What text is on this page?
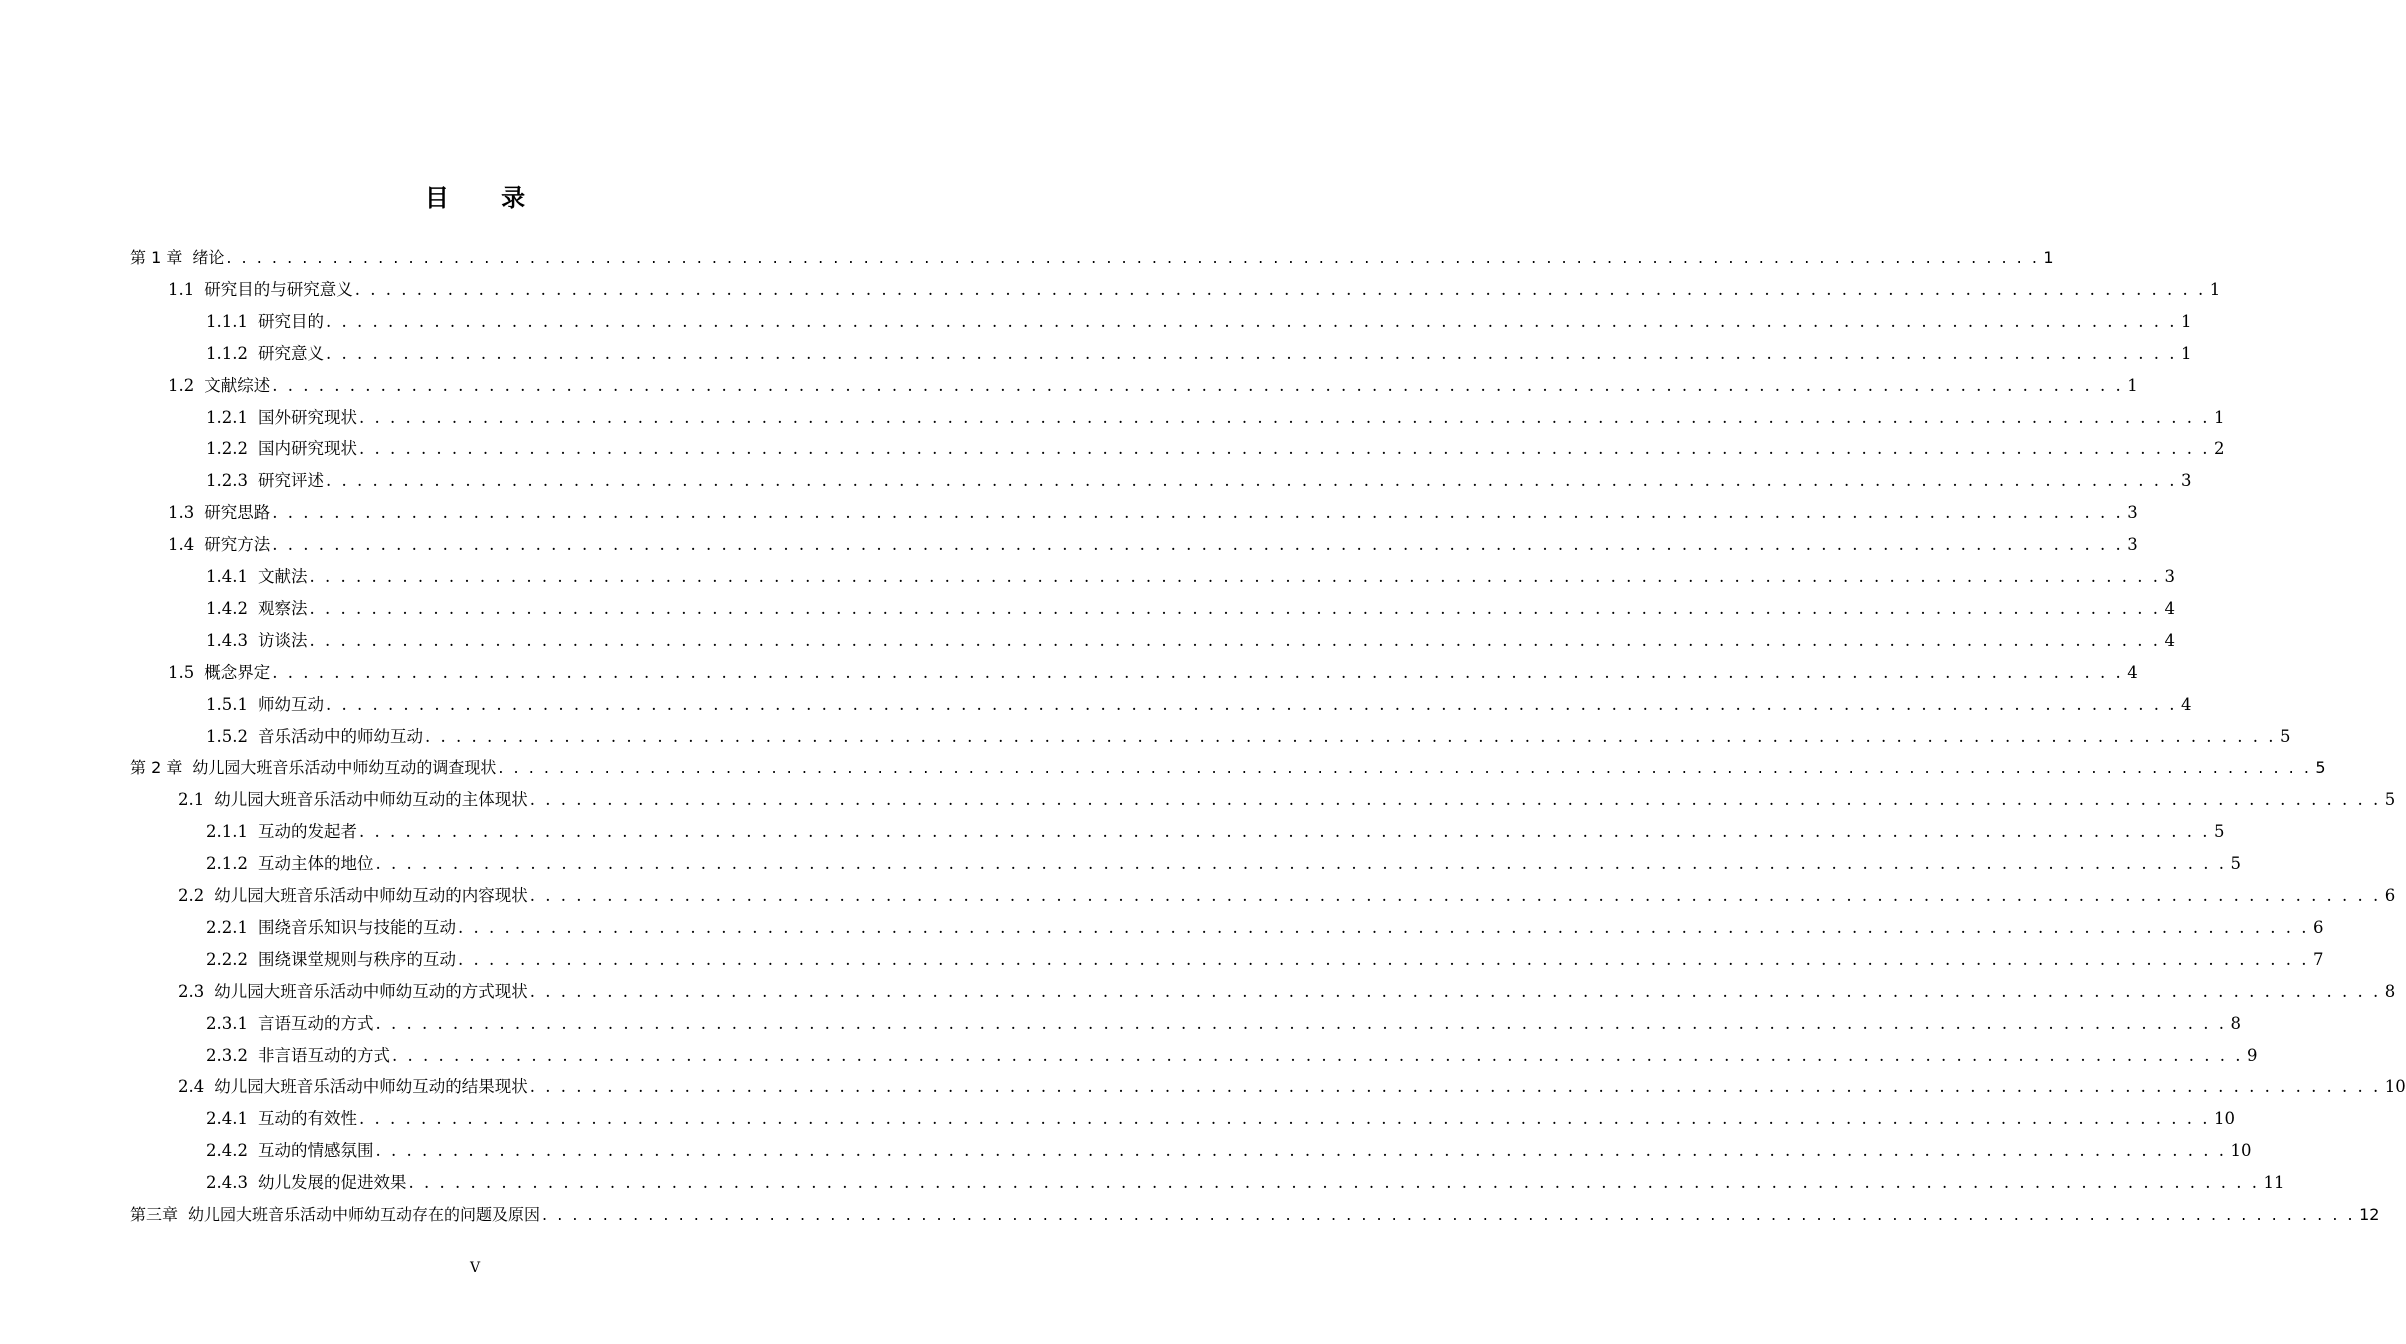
目 录
第 1 章 绪论 . . . . . . . . . . . . . . . . . . . . . . . . . . . . . . . . . . . . . . . . . . . . . . . . . . . . . . . . . . . . . . . . . . . . . . . . . . . . . . . . . . . . . . . . . . . . . . . . . . . . . . . . . . . . . . . . . . . . . . . . 1
1.1 研究目的与研究意义 . . . . . . . . . . . . . . . . . . . . . . . . . . . . . . . . . . . . . . . . . . . . . . . . . . . . . . . . . . . . . . . . . . . . . . . . . . . . . . . . . . . . . . . . . . . . . . . . . . . . . . . . . . . . . . . . . . . . . . . . 1
1.1.1 研究目的 . . . . . . . . . . . . . . . . . . . . . . . . . . . . . . . . . . . . . . . . . . . . . . . . . . . . . . . . . . . . . . . . . . . . . . . . . . . . . . . . . . . . . . . . . . . . . . . . . . . . . . . . . . . . . . . . . . . . . . . . 1
1.1.2 研究意义 . . . . . . . . . . . . . . . . . . . . . . . . . . . . . . . . . . . . . . . . . . . . . . . . . . . . . . . . . . . . . . . . . . . . . . . . . . . . . . . . . . . . . . . . . . . . . . . . . . . . . . . . . . . . . . . . . . . . . . . . 1
1.2 文献综述 . . . . . . . . . . . . . . . . . . . . . . . . . . . . . . . . . . . . . . . . . . . . . . . . . . . . . . . . . . . . . . . . . . . . . . . . . . . . . . . . . . . . . . . . . . . . . . . . . . . . . . . . . . . . . . . . . . . . . . . . 1
1.2.1 国外研究现状 . . . . . . . . . . . . . . . . . . . . . . . . . . . . . . . . . . . . . . . . . . . . . . . . . . . . . . . . . . . . . . . . . . . . . . . . . . . . . . . . . . . . . . . . . . . . . . . . . . . . . . . . . . . . . . . . . . . . . . . . 1
1.2.2 国内研究现状 . . . . . . . . . . . . . . . . . . . . . . . . . . . . . . . . . . . . . . . . . . . . . . . . . . . . . . . . . . . . . . . . . . . . . . . . . . . . . . . . . . . . . . . . . . . . . . . . . . . . . . . . . . . . . . . . . . . . . . . . 2
1.2.3 研究评述 . . . . . . . . . . . . . . . . . . . . . . . . . . . . . . . . . . . . . . . . . . . . . . . . . . . . . . . . . . . . . . . . . . . . . . . . . . . . . . . . . . . . . . . . . . . . . . . . . . . . . . . . . . . . . . . . . . . . . . . . 3
1.3 研究思路 . . . . . . . . . . . . . . . . . . . . . . . . . . . . . . . . . . . . . . . . . . . . . . . . . . . . . . . . . . . . . . . . . . . . . . . . . . . . . . . . . . . . . . . . . . . . . . . . . . . . . . . . . . . . . . . . . . . . . . . . 3
1.4 研究方法 . . . . . . . . . . . . . . . . . . . . . . . . . . . . . . . . . . . . . . . . . . . . . . . . . . . . . . . . . . . . . . . . . . . . . . . . . . . . . . . . . . . . . . . . . . . . . . . . . . . . . . . . . . . . . . . . . . . . . . . . 3
1.4.1 文献法 . . . . . . . . . . . . . . . . . . . . . . . . . . . . . . . . . . . . . . . . . . . . . . . . . . . . . . . . . . . . . . . . . . . . . . . . . . . . . . . . . . . . . . . . . . . . . . . . . . . . . . . . . . . . . . . . . . . . . . . . 3
1.4.2 观察法 . . . . . . . . . . . . . . . . . . . . . . . . . . . . . . . . . . . . . . . . . . . . . . . . . . . . . . . . . . . . . . . . . . . . . . . . . . . . . . . . . . . . . . . . . . . . . . . . . . . . . . . . . . . . . . . . . . . . . . . . 4
1.4.3 访谈法 . . . . . . . . . . . . . . . . . . . . . . . . . . . . . . . . . . . . . . . . . . . . . . . . . . . . . . . . . . . . . . . . . . . . . . . . . . . . . . . . . . . . . . . . . . . . . . . . . . . . . . . . . . . . . . . . . . . . . . . . 4
1.5 概念界定 . . . . . . . . . . . . . . . . . . . . . . . . . . . . . . . . . . . . . . . . . . . . . . . . . . . . . . . . . . . . . . . . . . . . . . . . . . . . . . . . . . . . . . . . . . . . . . . . . . . . . . . . . . . . . . . . . . . . . . . . 4
1.5.1 师幼互动 . . . . . . . . . . . . . . . . . . . . . . . . . . . . . . . . . . . . . . . . . . . . . . . . . . . . . . . . . . . . . . . . . . . . . . . . . . . . . . . . . . . . . . . . . . . . . . . . . . . . . . . . . . . . . . . . . . . . . . . . 4
1.5.2 音乐活动中的师幼互动 . . . . . . . . . . . . . . . . . . . . . . . . . . . . . . . . . . . . . . . . . . . . . . . . . . . . . . . . . . . . . . . . . . . . . . . . . . . . . . . . . . . . . . . . . . . . . . . . . . . . . . . . . . . . . . . . . . . . . . . . 5
第 2 章 幼儿园大班音乐活动中师幼互动的调查现状 . . . . . . . . . . . . . . . . . . . . . . . . . . . . . . . . . . . . . . . . . . . . . . . . . . . . . . . . . . . . . . . . . . . . . . . . . . . . . . . . . . . . . . . . . . . . . . . . . . . . . . . . . . . . . . . . . . . . . . . . 5
2.1 幼儿园大班音乐活动中师幼互动的主体现状 . . . . . . . . . . . . . . . . . . . . . . . . . . . . . . . . . . . . . . . . . . . . . . . . . . . . . . . . . . . . . . . . . . . . . . . . . . . . . . . . . . . . . . . . . . . . . . . . . . . . . . . . . . . . . . . . . . . . . . . . 5
2.1.1 互动的发起者 . . . . . . . . . . . . . . . . . . . . . . . . . . . . . . . . . . . . . . . . . . . . . . . . . . . . . . . . . . . . . . . . . . . . . . . . . . . . . . . . . . . . . . . . . . . . . . . . . . . . . . . . . . . . . . . . . . . . . . . . 5
2.1.2 互动主体的地位 . . . . . . . . . . . . . . . . . . . . . . . . . . . . . . . . . . . . . . . . . . . . . . . . . . . . . . . . . . . . . . . . . . . . . . . . . . . . . . . . . . . . . . . . . . . . . . . . . . . . . . . . . . . . . . . . . . . . . . . . 5
2.2 幼儿园大班音乐活动中师幼互动的内容现状 . . . . . . . . . . . . . . . . . . . . . . . . . . . . . . . . . . . . . . . . . . . . . . . . . . . . . . . . . . . . . . . . . . . . . . . . . . . . . . . . . . . . . . . . . . . . . . . . . . . . . . . . . . . . . . . . . . . . . . . . 6
2.2.1 围绕音乐知识与技能的互动 . . . . . . . . . . . . . . . . . . . . . . . . . . . . . . . . . . . . . . . . . . . . . . . . . . . . . . . . . . . . . . . . . . . . . . . . . . . . . . . . . . . . . . . . . . . . . . . . . . . . . . . . . . . . . . . . . . . . . . . . 6
2.2.2 围绕课堂规则与秩序的互动 . . . . . . . . . . . . . . . . . . . . . . . . . . . . . . . . . . . . . . . . . . . . . . . . . . . . . . . . . . . . . . . . . . . . . . . . . . . . . . . . . . . . . . . . . . . . . . . . . . . . . . . . . . . . . . . . . . . . . . . . 7
2.3 幼儿园大班音乐活动中师幼互动的方式现状 . . . . . . . . . . . . . . . . . . . . . . . . . . . . . . . . . . . . . . . . . . . . . . . . . . . . . . . . . . . . . . . . . . . . . . . . . . . . . . . . . . . . . . . . . . . . . . . . . . . . . . . . . . . . . . . . . . . . . . . . 8
2.3.1 言语互动的方式 . . . . . . . . . . . . . . . . . . . . . . . . . . . . . . . . . . . . . . . . . . . . . . . . . . . . . . . . . . . . . . . . . . . . . . . . . . . . . . . . . . . . . . . . . . . . . . . . . . . . . . . . . . . . . . . . . . . . . . . . 8
2.3.2 非言语互动的方式 . . . . . . . . . . . . . . . . . . . . . . . . . . . . . . . . . . . . . . . . . . . . . . . . . . . . . . . . . . . . . . . . . . . . . . . . . . . . . . . . . . . . . . . . . . . . . . . . . . . . . . . . . . . . . . . . . . . . . . . . 9
2.4 幼儿园大班音乐活动中师幼互动的结果现状 . . . . . . . . . . . . . . . . . . . . . . . . . . . . . . . . . . . . . . . . . . . . . . . . . . . . . . . . . . . . . . . . . . . . . . . . . . . . . . . . . . . . . . . . . . . . . . . . . . . . . . . . . . . . . . . . . . . . . . . . 10
2.4.1 互动的有效性 . . . . . . . . . . . . . . . . . . . . . . . . . . . . . . . . . . . . . . . . . . . . . . . . . . . . . . . . . . . . . . . . . . . . . . . . . . . . . . . . . . . . . . . . . . . . . . . . . . . . . . . . . . . . . . . . . . . . . . . . 10
2.4.2 互动的情感氛围 . . . . . . . . . . . . . . . . . . . . . . . . . . . . . . . . . . . . . . . . . . . . . . . . . . . . . . . . . . . . . . . . . . . . . . . . . . . . . . . . . . . . . . . . . . . . . . . . . . . . . . . . . . . . . . . . . . . . . . . . 10
2.4.3 幼儿发展的促进效果 . . . . . . . . . . . . . . . . . . . . . . . . . . . . . . . . . . . . . . . . . . . . . . . . . . . . . . . . . . . . . . . . . . . . . . . . . . . . . . . . . . . . . . . . . . . . . . . . . . . . . . . . . . . . . . . . . . . . . . . . 11
第三章 幼儿园大班音乐活动中师幼互动存在的问题及原因 . . . . . . . . . . . . . . . . . . . . . . . . . . . . . . . . . . . . . . . . . . . . . . . . . . . . . . . . . . . . . . . . . . . . . . . . . . . . . . . . . . . . . . . . . . . . . . . . . . . . . . . . . . . . . . . . . . . . . . . . 12
V
